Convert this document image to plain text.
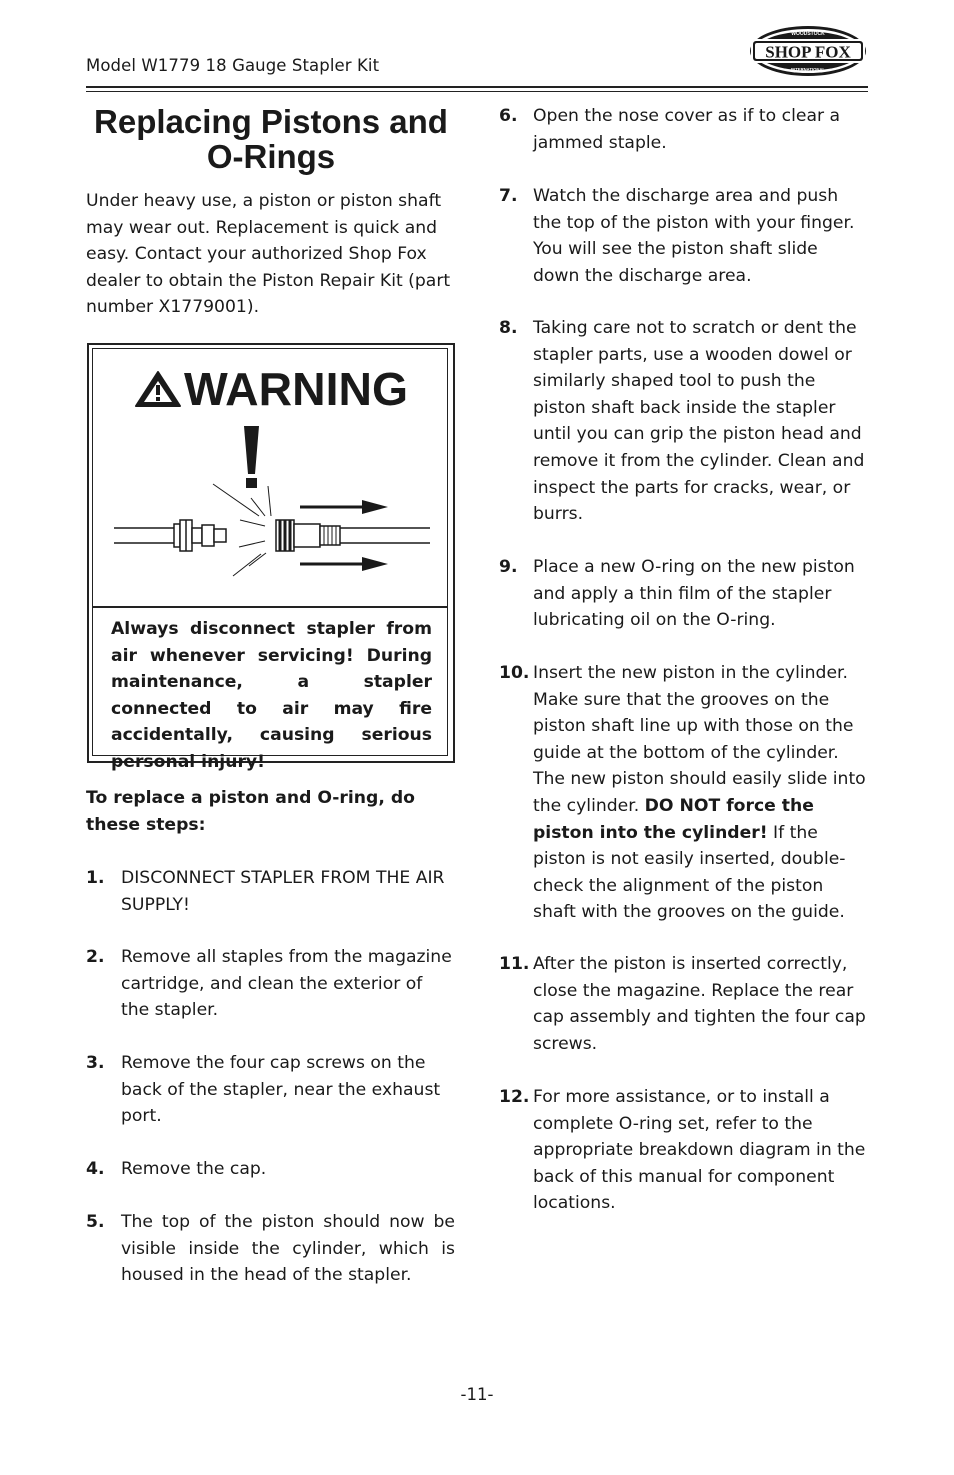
Model W1779 18 Gauge Stapler Kit
SHOP FOX
WOODSTOCK
INTERNATIONAL
Replacing Pistons and
O-Rings
Under heavy use, a piston or piston shaft may wear out. Replacement is quick and easy. Contact your authorized Shop Fox dealer to obtain the Piston Repair Kit (part number X1779001).
WARNING
Always disconnect stapler from air whenever servicing! During maintenance, a stapler connected to air may fire accidentally, causing serious personal injury!
To replace a piston and O-ring, do these steps:
1. DISCONNECT STAPLER FROM THE AIR SUPPLY!
2. Remove all staples from the magazine cartridge, and clean the exterior of the stapler.
3. Remove the four cap screws on the back of the stapler, near the exhaust port.
4. Remove the cap.
5. The top of the piston should now be visible inside the cylinder, which is housed in the head of the stapler.
6. Open the nose cover as if to clear a jammed staple.
7. Watch the discharge area and push the top of the piston with your finger. You will see the piston shaft slide down the discharge area.
8. Taking care not to scratch or dent the stapler parts, use a wooden dowel or similarly shaped tool to push the piston shaft back inside the stapler until you can grip the piston head and remove it from the cylinder. Clean and inspect the parts for cracks, wear, or burrs.
9. Place a new O-ring on the new piston and apply a thin film of the stapler lubricating oil on the O-ring.
10. Insert the new piston in the cylinder. Make sure that the grooves on the piston shaft line up with those on the guide at the bottom of the cylinder. The new piston should easily slide into the cylinder. DO NOT force the piston into the cylinder! If the piston is not easily inserted, double-check the alignment of the piston shaft with the grooves on the guide.
11. After the piston is inserted correctly, close the magazine. Replace the rear cap assembly and tighten the four cap screws.
12. For more assistance, or to install a complete O-ring set, refer to the appropriate breakdown diagram in the back of this manual for component locations.
-11-
